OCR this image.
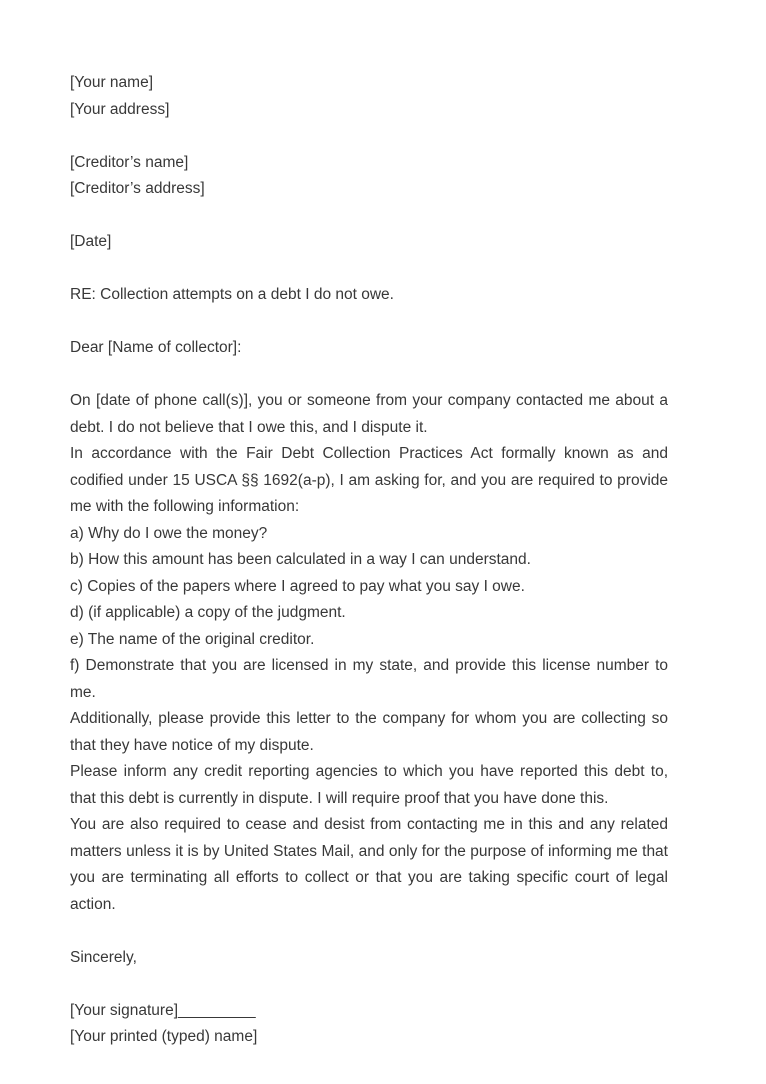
[Your name]

[Your address]

[Creditor’s name]

[Creditor’s address]

[Date]

RE: Collection attempts on a debt I do not owe.

Dear [Name of collector]:

On [date of phone call(s)], you or someone from your company contacted me about a debt. I do not believe that I owe this, and I dispute it.

In accordance with the Fair Debt Collection Practices Act formally known as and codified under 15 USCA §§ 1692(a-p), I am asking for, and you are required to provide me with the following information:

a) Why do I owe the money?

b) How this amount has been calculated in a way I can understand.

c) Copies of the papers where I agreed to pay what you say I owe.

d) (if applicable) a copy of the judgment.

e) The name of the original creditor.

f) Demonstrate that you are licensed in my state, and provide this license number to me.

Additionally, please provide this letter to the company for whom you are collecting so that they have notice of my dispute.

Please inform any credit reporting agencies to which you have reported this debt to, that this debt is currently in dispute. I will require proof that you have done this.

You are also required to cease and desist from contacting me in this and any related matters unless it is by United States Mail, and only for the purpose of informing me that you are terminating all efforts to collect or that you are taking specific court of legal action.

Sincerely,

[Your signature]_________

[Your printed (typed) name]
